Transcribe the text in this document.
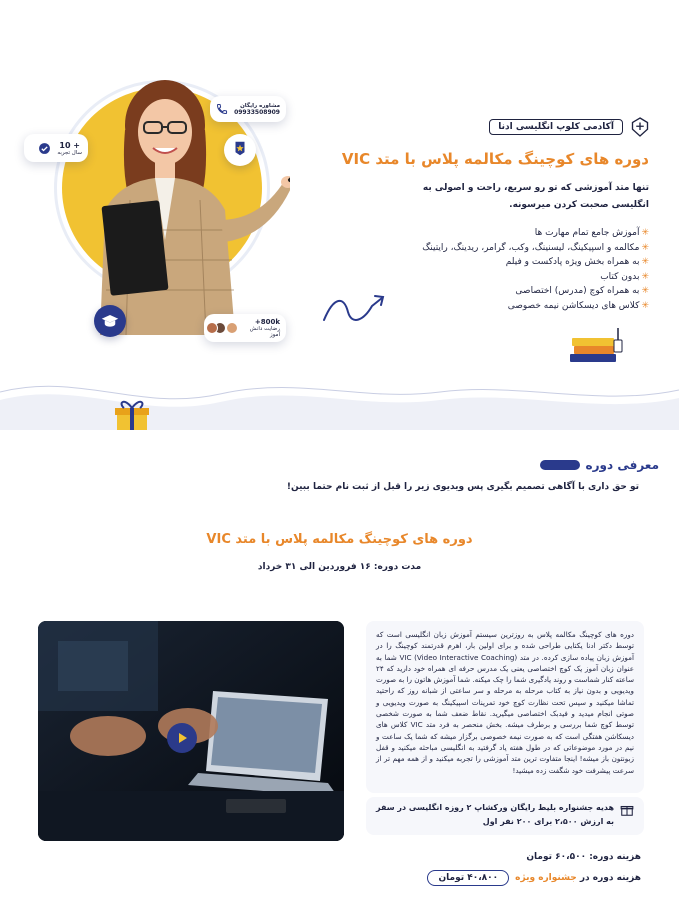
مشاوره رایگان
09933508909
10 +
سال تجربه
+800k
رضایت دانش آموز
آکادمی کلوپ انگلیسی ادنا
دوره های کوچینگ مکالمه پلاس با متد VIC
تنها متد آموزشی که تو رو سریع، راحت و اصولی به انگلیسی صحبت کردن میرسونه.
✳آموزش جامع تمام مهارت ها
✳مکالمه و اسپیکینگ، لیسنینگ، وکب، گرامر، ریدینگ، رایتینگ
✳به همراه بخش ویژه پادکست و فیلم
✳بدون کتاب
✳به همراه کوچ (مدرس) اختصاصی
✳کلاس های دیسکاشن نیمه خصوصی
معرفی دوره
تو حق داری با آگاهی تصمیم بگیری پس ویدیوی زیر را قبل از ثبت نام حتما ببین!
دوره های کوچینگ مکالمه پلاس با متد VIC
مدت دوره: ۱۶ فروردین الی ۳۱ خرداد

دوره های کوچینگ مکالمه پلاس به روزترین سیستم آموزش زبان انگلیسی است که توسط دکتر ادنا یکتایی طراحی شده و برای اولین بار، اهرم قدرتمند کوچینگ را در آموزش زبان پیاده سازی کرده. در متد VIC (Video Interactive Coaching) شما به عنوان زبان آموز یک کوچ اختصاصی یعنی یک مدرس حرفه ای همراه خود دارید که ۲۴ ساعته کنار شماست و روند یادگیری شما را چک میکنه. شما آموزش هاتون را به صورت ویدیویی و بدون نیاز به کتاب مرحله به مرحله و سر ساعتی از شبانه روز که راحتید تماشا میکنید و سپس تحت نظارت کوچ خود تمرینات اسپیکینگ به صورت ویدیویی و صوتی انجام میدید و فیدبک اختصاصی میگیرید. نقاط ضعف شما به صورت شخصی توسط کوچ شما بررسی و برطرف میشه. بخش منحصر به فرد متد VIC کلاس های دیسکاشن هفتگی است که به صورت نیمه خصوصی برگزار میشه که شما یک ساعت و نیم در مورد موضوعاتی که در طول هفته یاد گرفتید به انگلیسی مباحثه میکنید و قفل زبونتون باز میشه! اینجا متفاوت ترین متد آموزشی را تجربه میکنید و از همه مهم تر از سرعت پیشرفت خود شگفت زده میشید!

هدیه جشنواره بلیط رایگان ورکشاپ ۲ روزه انگلیسی در سفر به ارزش ۲،۵۰۰ برای ۲۰۰ نفر اول
هزینه دوره: ۶۰،۵۰۰ تومان
هزینه دوره در جشنواره ویژه
۴۰،۸۰۰ تومان
